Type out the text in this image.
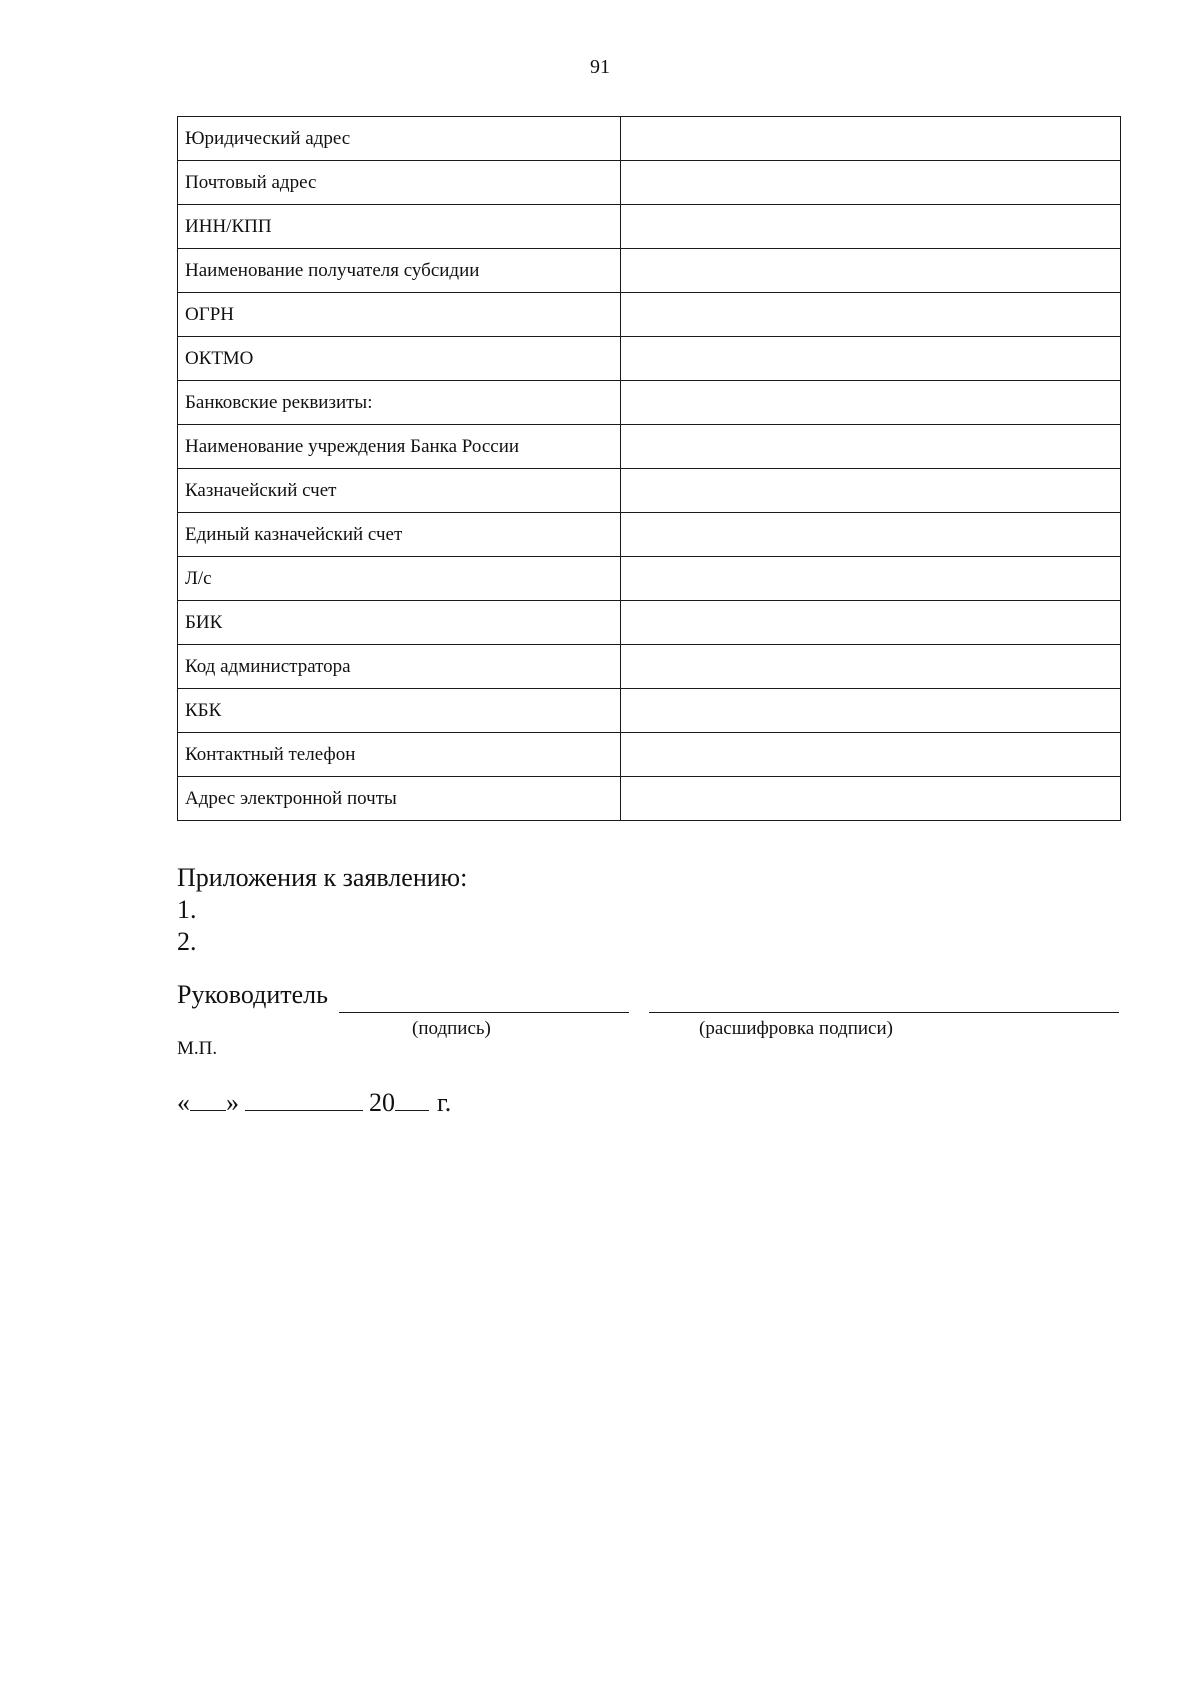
91
Юридический адрес	
Почтовый адрес	
ИНН/КПП	
Наименование получателя субсидии	
ОГРН	
ОКТМО	
Банковские реквизиты:	
Наименование учреждения Банка России	
Казначейский счет	
Единый казначейский счет	
Л/с	
БИК	
Код администратора	
КБК	
Контактный телефон	
Адрес электронной почты	
Приложения к заявлению:
1.
2.
Руководитель
(подпись)	(расшифровка подписи)
М.П.
« »	20 г.
